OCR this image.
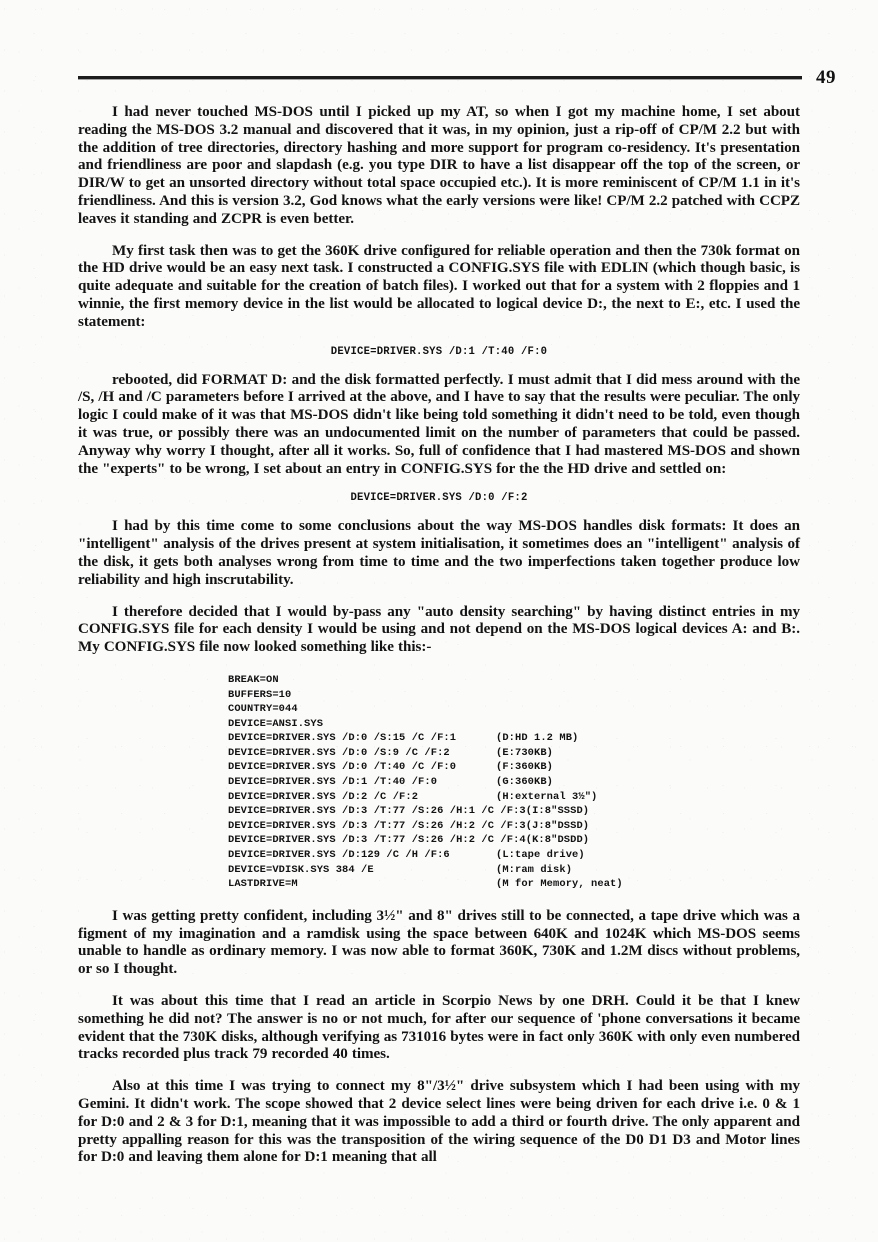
49

I had never touched MS-DOS until I picked up my AT, so when I got my machine home, I set about reading the MS-DOS 3.2 manual and discovered that it was, in my opinion, just a rip-off of CP/M 2.2 but with the addition of tree directories, directory hashing and more support for program co-residency. It's presentation and friendliness are poor and slapdash (e.g. you type DIR to have a list disappear off the top of the screen, or DIR/W to get an unsorted directory without total space occupied etc.). It is more reminiscent of CP/M 1.1 in it's friendliness. And this is version 3.2, God knows what the early versions were like! CP/M 2.2 patched with CCPZ leaves it standing and ZCPR is even better.

My first task then was to get the 360K drive configured for reliable operation and then the 730k format on the HD drive would be an easy next task. I constructed a CONFIG.SYS file with EDLIN (which though basic, is quite adequate and suitable for the creation of batch files). I worked out that for a system with 2 floppies and 1 winnie, the first memory device in the list would be allocated to logical device D:, the next to E:, etc. I used the statement:

DEVICE=DRIVER.SYS /D:1 /T:40 /F:0

rebooted, did FORMAT D: and the disk formatted perfectly. I must admit that I did mess around with the /S, /H and /C parameters before I arrived at the above, and I have to say that the results were peculiar. The only logic I could make of it was that MS-DOS didn't like being told something it didn't need to be told, even though it was true, or possibly there was an undocumented limit on the number of parameters that could be passed. Anyway why worry I thought, after all it works. So, full of confidence that I had mastered MS-DOS and shown the "experts" to be wrong, I set about an entry in CONFIG.SYS for the the HD drive and settled on:

DEVICE=DRIVER.SYS /D:0 /F:2

I had by this time come to some conclusions about the way MS-DOS handles disk formats: It does an "intelligent" analysis of the drives present at system initialisation, it sometimes does an "intelligent" analysis of the disk, it gets both analyses wrong from time to time and the two imperfections taken together produce low reliability and high inscrutability.

I therefore decided that I would by-pass any "auto density searching" by having distinct entries in my CONFIG.SYS file for each density I would be using and not depend on the MS-DOS logical devices A: and B:. My CONFIG.SYS file now looked something like this:-

BREAK=ON
BUFFERS=10
COUNTRY=044
DEVICE=ANSI.SYS
DEVICE=DRIVER.SYS /D:0 /S:15 /C /F:1	(D:HD 1.2 MB)
DEVICE=DRIVER.SYS /D:0 /S:9 /C /F:2	(E:730KB)
DEVICE=DRIVER.SYS /D:0 /T:40 /C /F:0	(F:360KB)
DEVICE=DRIVER.SYS /D:1 /T:40 /F:0	(G:360KB)
DEVICE=DRIVER.SYS /D:2 /C /F:2	(H:external 3½")
DEVICE=DRIVER.SYS /D:3 /T:77 /S:26 /H:1 /C /F:3 (I:8"SSSD)
DEVICE=DRIVER.SYS /D:3 /T:77 /S:26 /H:2 /C /F:3 (J:8"DSSD)
DEVICE=DRIVER.SYS /D:3 /T:77 /S:26 /H:2 /C /F:4 (K:8"DSDD)
DEVICE=DRIVER.SYS /D:129 /C /H /F:6	(L:tape drive)
DEVICE=VDISK.SYS 384 /E	(M:ram disk)
LASTDRIVE=M	(M for Memory, neat)

I was getting pretty confident, including 3½" and 8" drives still to be connected, a tape drive which was a figment of my imagination and a ramdisk using the space between 640K and 1024K which MS-DOS seems unable to handle as ordinary memory. I was now able to format 360K, 730K and 1.2M discs without problems, or so I thought.

It was about this time that I read an article in Scorpio News by one DRH. Could it be that I knew something he did not? The answer is no or not much, for after our sequence of 'phone conversations it became evident that the 730K disks, although verifying as 731016 bytes were in fact only 360K with only even numbered tracks recorded plus track 79 recorded 40 times.

Also at this time I was trying to connect my 8"/3½" drive subsystem which I had been using with my Gemini. It didn't work. The scope showed that 2 device select lines were being driven for each drive i.e. 0 & 1 for D:0 and 2 & 3 for D:1, meaning that it was impossible to add a third or fourth drive. The only apparent and pretty appalling reason for this was the transposition of the wiring sequence of the D0 D1 D3 and Motor lines for D:0 and leaving them alone for D:1 meaning that all
